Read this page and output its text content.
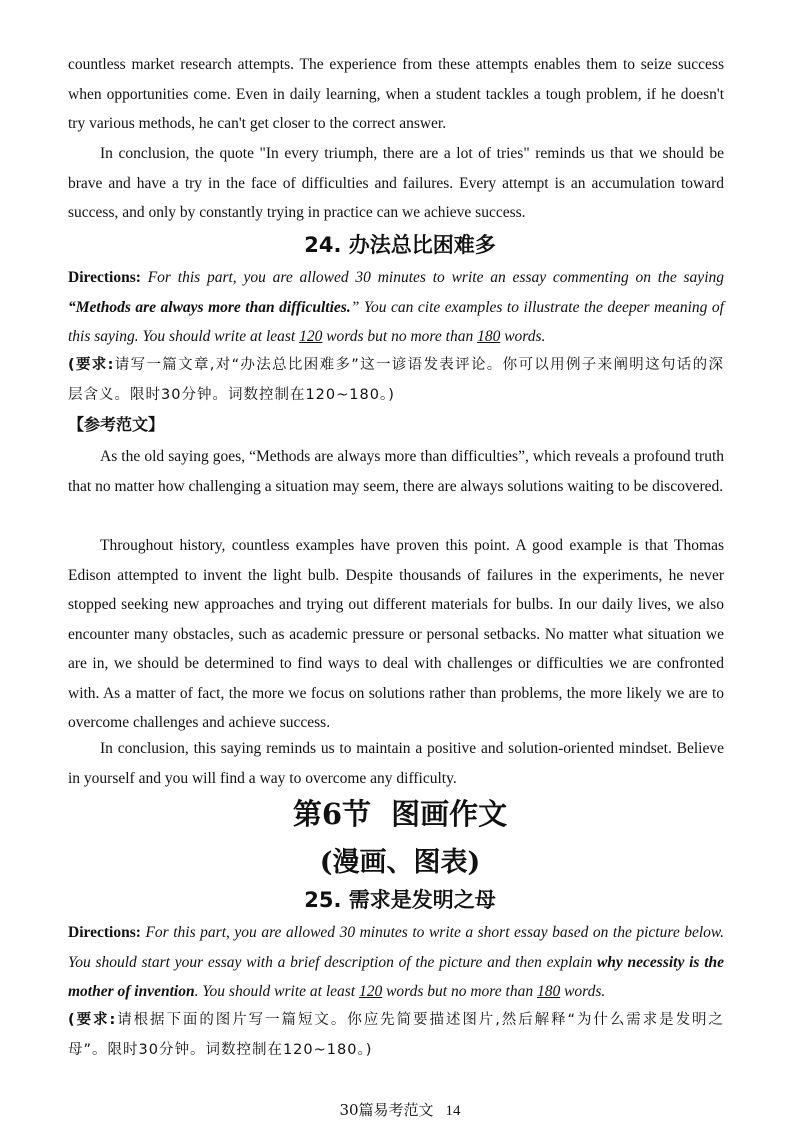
countless market research attempts. The experience from these attempts enables them to seize success when opportunities come. Even in daily learning, when a student tackles a tough problem, if he doesn't try various methods, he can't get closer to the correct answer.

In conclusion, the quote "In every triumph, there are a lot of tries" reminds us that we should be brave and have a try in the face of difficulties and failures. Every attempt is an accumulation toward success, and only by constantly trying in practice can we achieve success.

24. 办法总比困难多

Directions: For this part, you are allowed 30 minutes to write an essay commenting on the saying “Methods are always more than difficulties.” You can cite examples to illustrate the deeper meaning of this saying. You should write at least 120 words but no more than 180 words.

(要求:请写一篇文章,对“办法总比困难多”这一谚语发表评论。你可以用例子来阐明这句话的深层含义。限时30分钟。词数控制在120~180。)

【参考范文】

As the old saying goes, “Methods are always more than difficulties”, which reveals a profound truth that no matter how challenging a situation may seem, there are always solutions waiting to be discovered.

Throughout history, countless examples have proven this point. A good example is that Thomas Edison attempted to invent the light bulb. Despite thousands of failures in the experiments, he never stopped seeking new approaches and trying out different materials for bulbs. In our daily lives, we also encounter many obstacles, such as academic pressure or personal setbacks. No matter what situation we are in, we should be determined to find ways to deal with challenges or difficulties we are confronted with. As a matter of fact, the more we focus on solutions rather than problems, the more likely we are to overcome challenges and achieve success.

In conclusion, this saying reminds us to maintain a positive and solution-oriented mindset. Believe in yourself and you will find a way to overcome any difficulty.

第6节  图画作文
(漫画、图表)
25. 需求是发明之母

Directions: For this part, you are allowed 30 minutes to write a short essay based on the picture below. You should start your essay with a brief description of the picture and then explain why necessity is the mother of invention. You should write at least 120 words but no more than 180 words.

(要求:请根据下面的图片写一篇短文。你应先简要描述图片,然后解释“为什么需求是发明之母”。限时30分钟。词数控制在120~180。)

30篇易考范文 14
